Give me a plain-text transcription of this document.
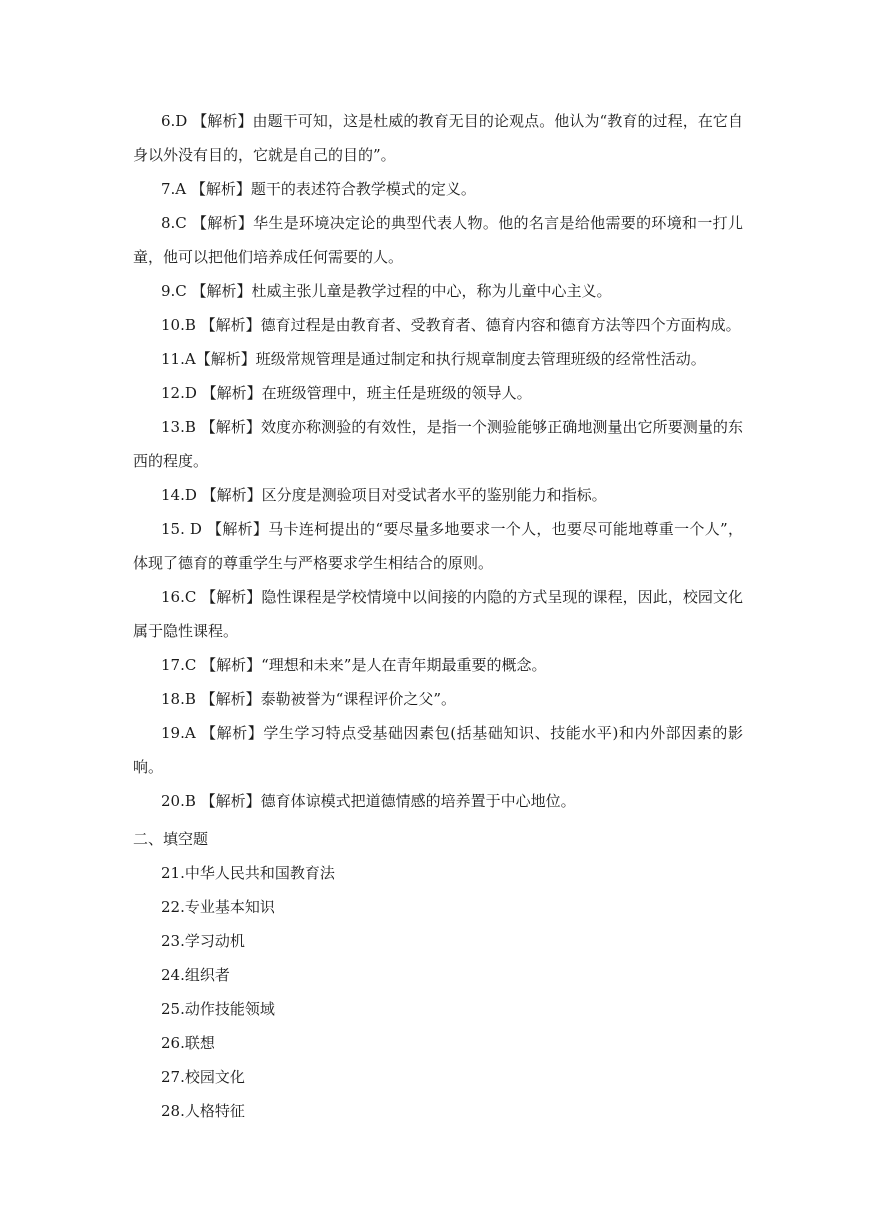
6.D 【解析】由题干可知，这是杜威的教育无目的论观点。他认为“教育的过程，在它自身以外没有目的，它就是自己的目的”。
7.A 【解析】题干的表述符合教学模式的定义。
8.C 【解析】华生是环境决定论的典型代表人物。他的名言是给他需要的环境和一打儿童，他可以把他们培养成任何需要的人。
9.C 【解析】杜威主张儿童是教学过程的中心，称为儿童中心主义。
10.B 【解析】德育过程是由教育者、受教育者、德育内容和德育方法等四个方面构成。
11.A【解析】班级常规管理是通过制定和执行规章制度去管理班级的经常性活动。
12.D 【解析】在班级管理中，班主任是班级的领导人。
13.B 【解析】效度亦称测验的有效性，是指一个测验能够正确地测量出它所要测量的东西的程度。
14.D 【解析】区分度是测验项目对受试者水平的鉴别能力和指标。
15. D 【解析】马卡连柯提出的“要尽量多地要求一个人，也要尽可能地尊重一个人”，体现了德育的尊重学生与严格要求学生相结合的原则。
16.C 【解析】隐性课程是学校情境中以间接的内隐的方式呈现的课程，因此，校园文化属于隐性课程。
17.C 【解析】“理想和未来”是人在青年期最重要的概念。
18.B 【解析】泰勒被誉为“课程评价之父”。
19.A 【解析】学生学习特点受基础因素包(括基础知识、技能水平)和内外部因素的影响。
20.B 【解析】德育体谅模式把道德情感的培养置于中心地位。
二、填空题
21.中华人民共和国教育法
22.专业基本知识
23.学习动机
24.组织者
25.动作技能领域
26.联想
27.校园文化
28.人格特征
